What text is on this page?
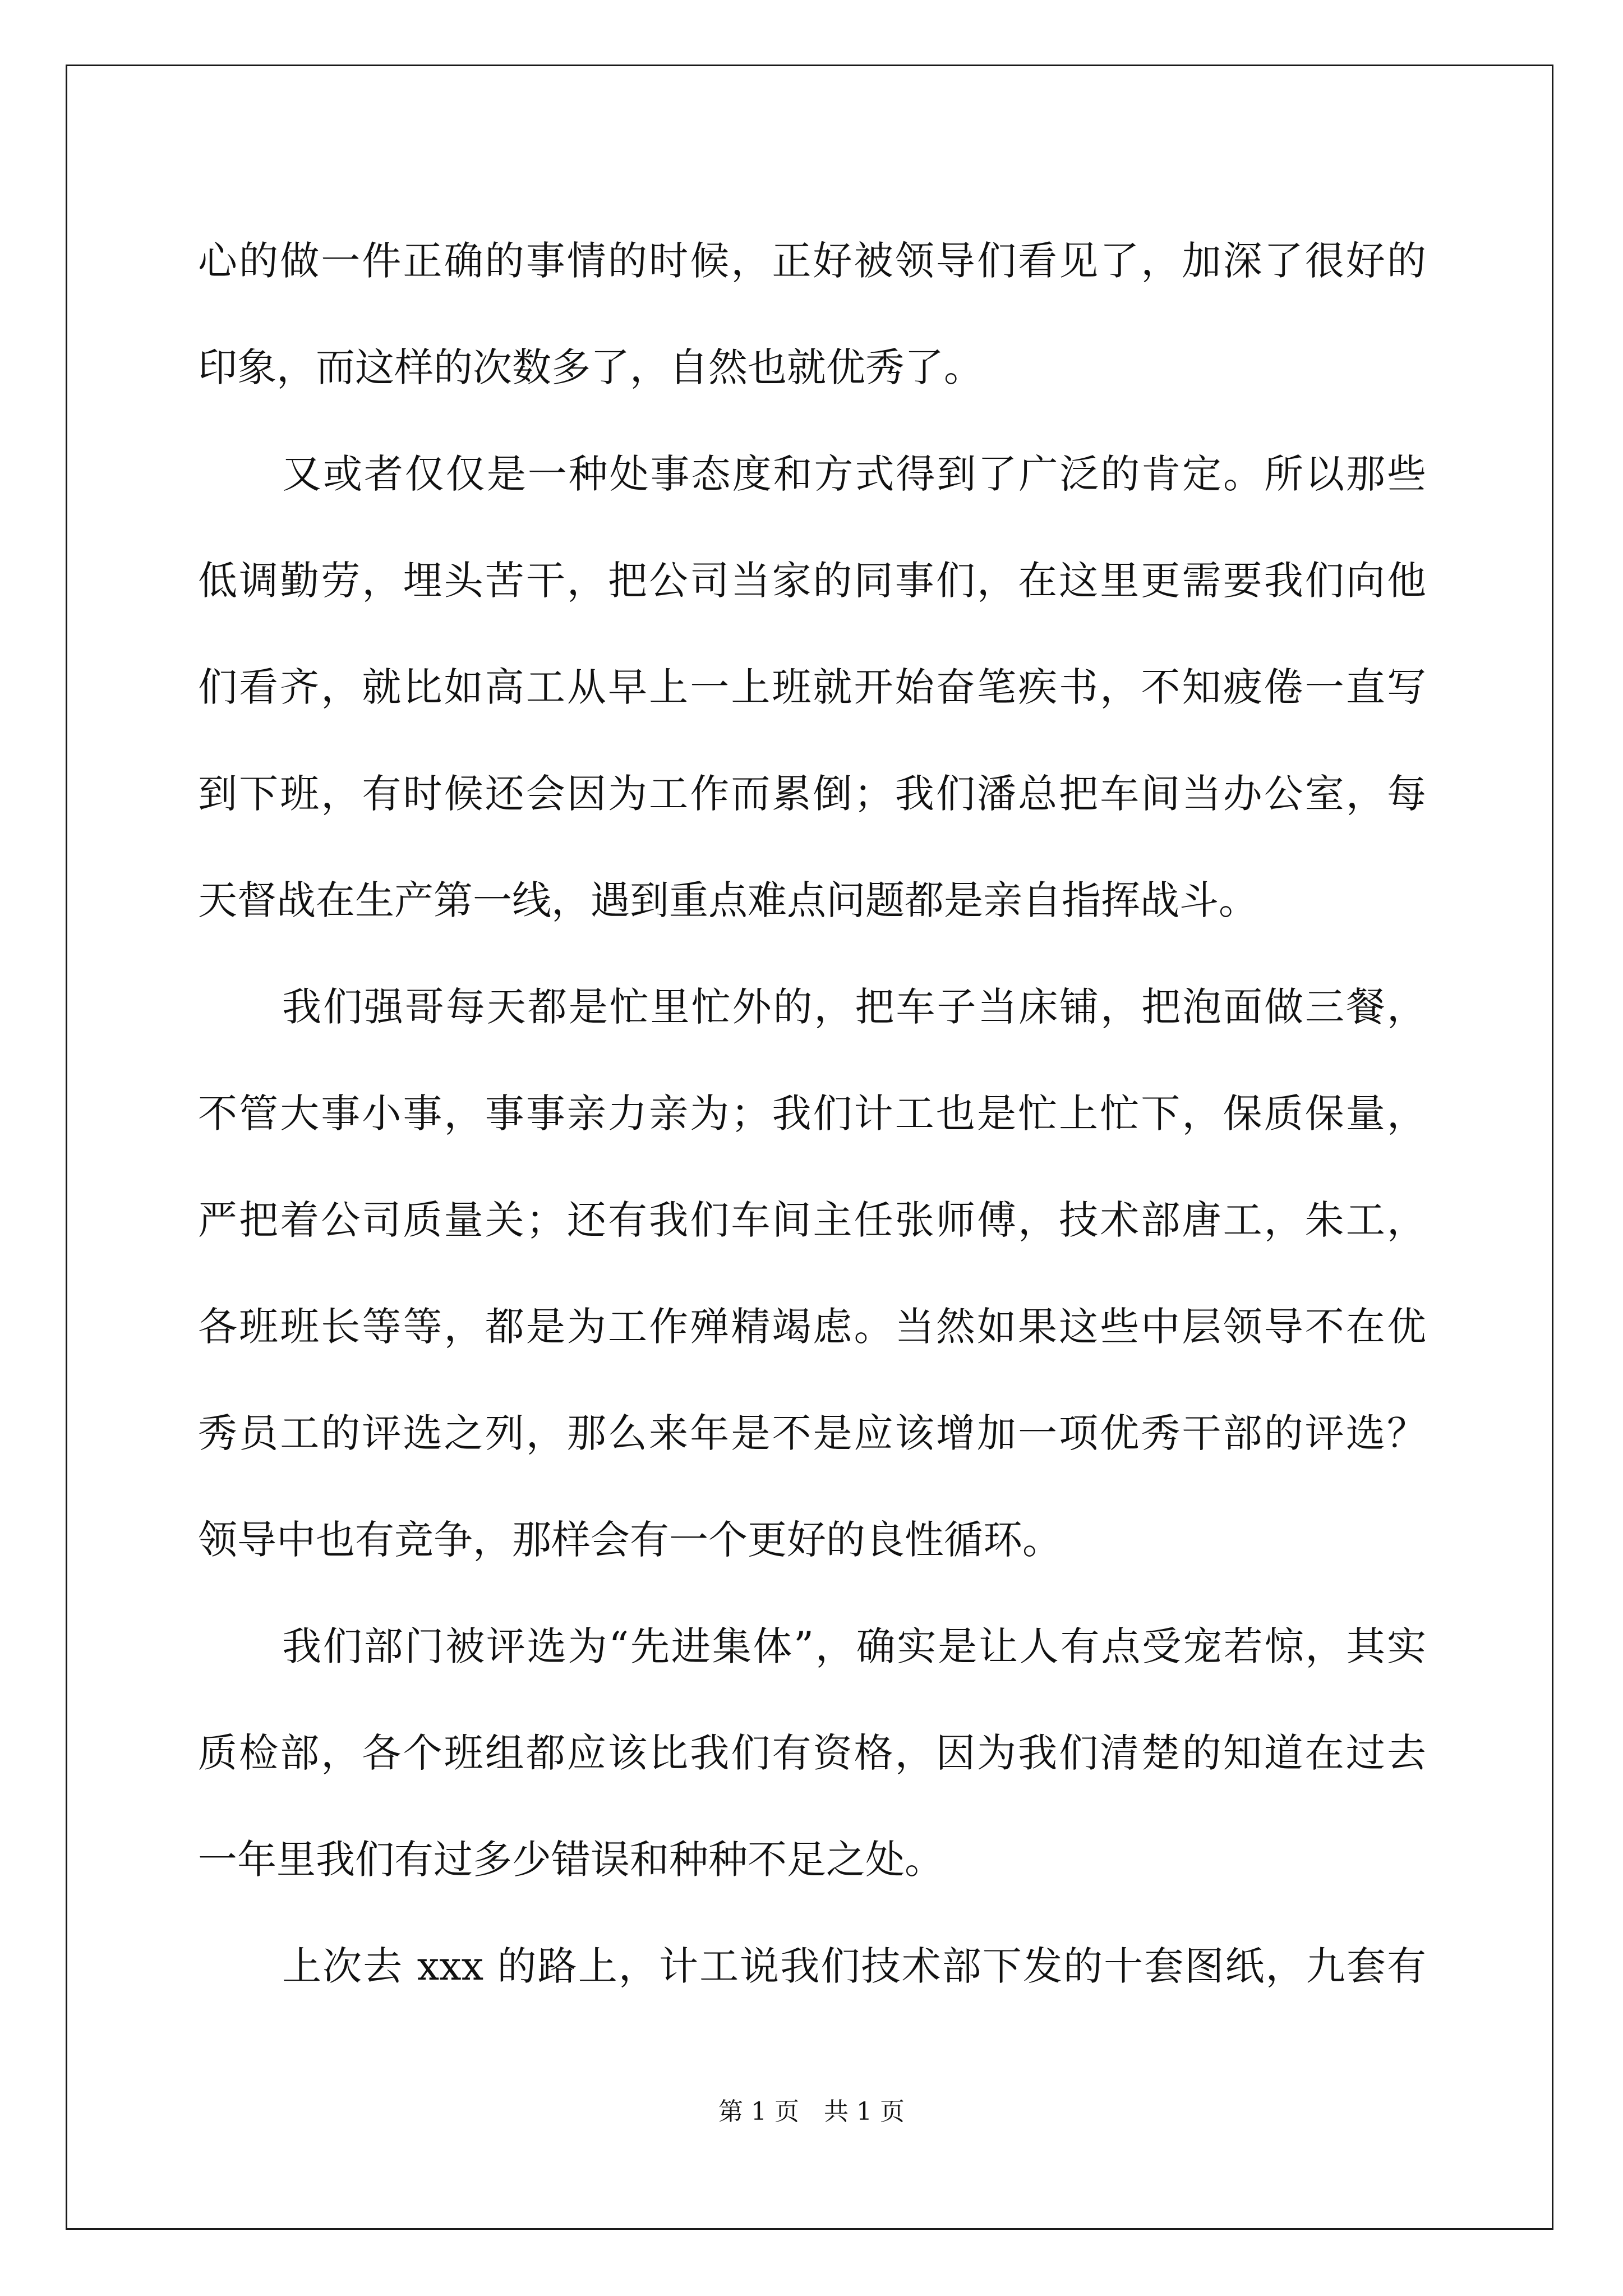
心的做一件正确的事情的时候，正好被领导们看见了，加深了很好的
印象，而这样的次数多了，自然也就优秀了。
又或者仅仅是一种处事态度和方式得到了广泛的肯定。所以那些
低调勤劳，埋头苦干，把公司当家的同事们，在这里更需要我们向他
们看齐，就比如高工从早上一上班就开始奋笔疾书，不知疲倦一直写
到下班，有时候还会因为工作而累倒；我们潘总把车间当办公室，每
天督战在生产第一线，遇到重点难点问题都是亲自指挥战斗。
我们强哥每天都是忙里忙外的，把车子当床铺，把泡面做三餐，
不管大事小事，事事亲力亲为；我们计工也是忙上忙下，保质保量，
严把着公司质量关；还有我们车间主任张师傅，技术部唐工，朱工，
各班班长等等，都是为工作殚精竭虑。当然如果这些中层领导不在优
秀员工的评选之列，那么来年是不是应该增加一项优秀干部的评选？
领导中也有竞争，那样会有一个更好的良性循环。
我们部门被评选为“先进集体”，确实是让人有点受宠若惊，其实
质检部，各个班组都应该比我们有资格，因为我们清楚的知道在过去
一年里我们有过多少错误和种种不足之处。
上次去 xxx 的路上，计工说我们技术部下发的十套图纸，九套有
第 1 页　共 1 页
